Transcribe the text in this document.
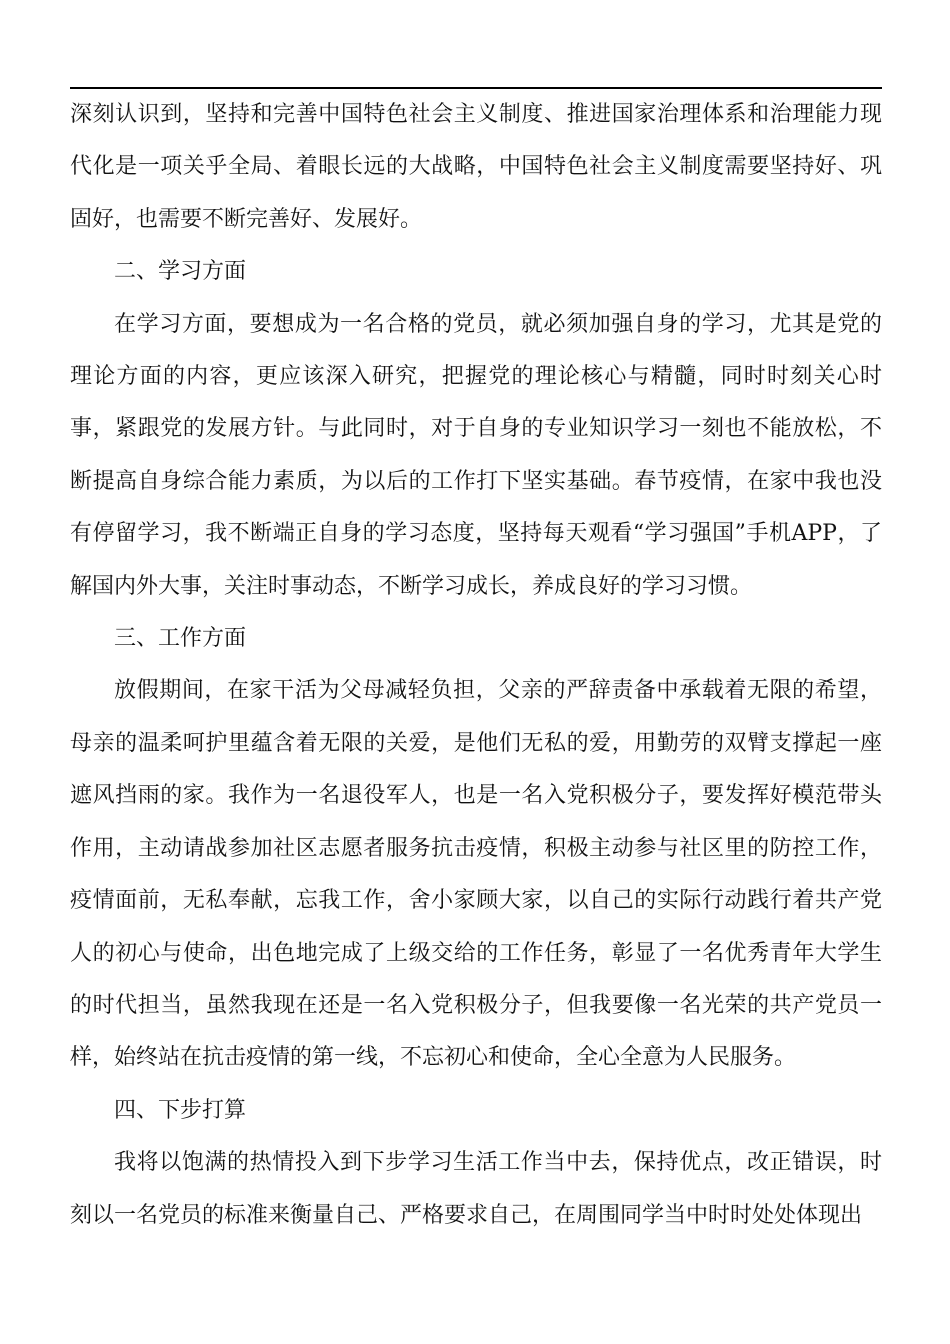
深刻认识到，坚持和完善中国特色社会主义制度、推进国家治理体系和治理能力现代化是一项关乎全局、着眼长远的大战略，中国特色社会主义制度需要坚持好、巩固好，也需要不断完善好、发展好。

二、学习方面

在学习方面，要想成为一名合格的党员，就必须加强自身的学习，尤其是党的理论方面的内容，更应该深入研究，把握党的理论核心与精髓，同时时刻关心时事，紧跟党的发展方针。与此同时，对于自身的专业知识学习一刻也不能放松，不断提高自身综合能力素质，为以后的工作打下坚实基础。春节疫情，在家中我也没有停留学习，我不断端正自身的学习态度，坚持每天观看“学习强国”手机APP，了解国内外大事，关注时事动态，不断学习成长，养成良好的学习习惯。

三、工作方面

放假期间，在家干活为父母减轻负担，父亲的严辞责备中承载着无限的希望，母亲的温柔呵护里蕴含着无限的关爱，是他们无私的爱，用勤劳的双臂支撑起一座遮风挡雨的家。我作为一名退役军人，也是一名入党积极分子，要发挥好模范带头作用，主动请战参加社区志愿者服务抗击疫情，积极主动参与社区里的防控工作，疫情面前，无私奉献，忘我工作，舍小家顾大家，以自己的实际行动践行着共产党人的初心与使命，出色地完成了上级交给的工作任务，彰显了一名优秀青年大学生的时代担当，虽然我现在还是一名入党积极分子，但我要像一名光荣的共产党员一样，始终站在抗击疫情的第一线，不忘初心和使命，全心全意为人民服务。

四、下步打算

我将以饱满的热情投入到下步学习生活工作当中去，保持优点，改正错误，时刻以一名党员的标准来衡量自己、严格要求自己，在周围同学当中时时处处体现出
